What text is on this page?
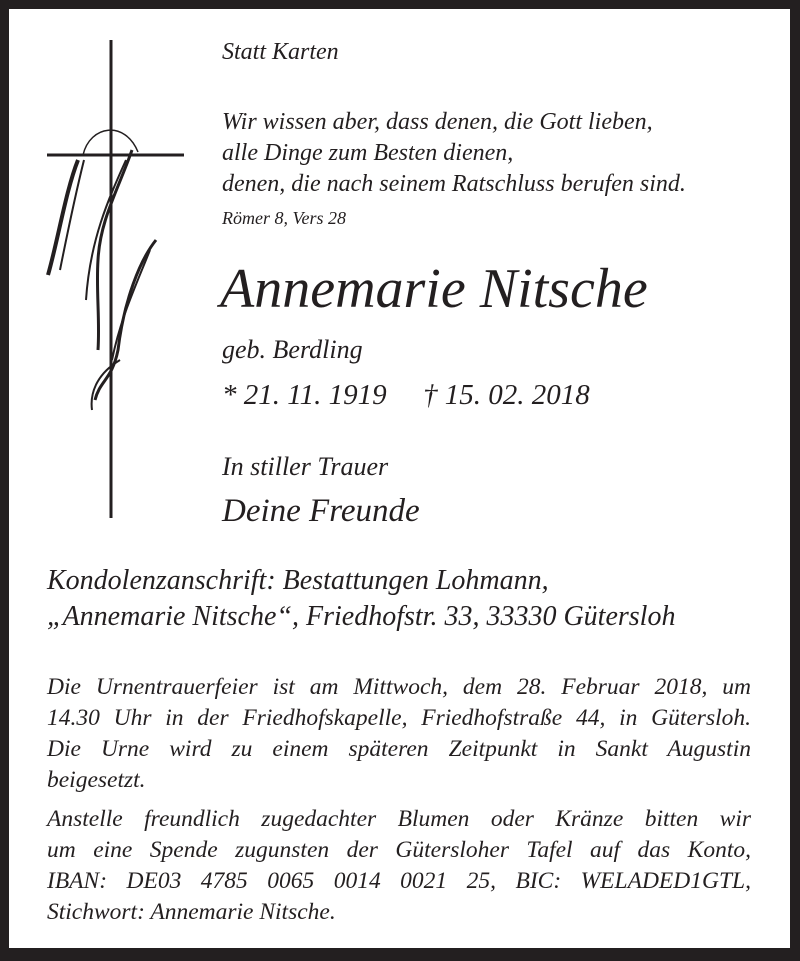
Statt Karten

Wir wissen aber, dass denen, die Gott lieben,
alle Dinge zum Besten dienen,
denen, die nach seinem Ratschluss berufen sind.

Römer 8, Vers 28

Annemarie Nitsche

geb. Berdling

* 21. 11. 1919 † 15. 02. 2018

In stiller Trauer

Deine Freunde

Kondolenzanschrift: Bestattungen Lohmann,
„Annemarie Nitsche“, Friedhofstr. 33, 33330 Gütersloh
Die Urnentrauerfeier ist am Mittwoch, dem 28. Februar 2018, um
14.30 Uhr in der Friedhofskapelle, Friedhofstraße 44, in Gütersloh.
Die Urne wird zu einem späteren Zeitpunkt in Sankt Augustin
beigesetzt.
Anstelle freundlich zugedachter Blumen oder Kränze bitten wir
um eine Spende zugunsten der Gütersloher Tafel auf das Konto,
IBAN: DE03 4785 0065 0014 0021 25, BIC: WELADED1GTL,
Stichwort: Annemarie Nitsche.
